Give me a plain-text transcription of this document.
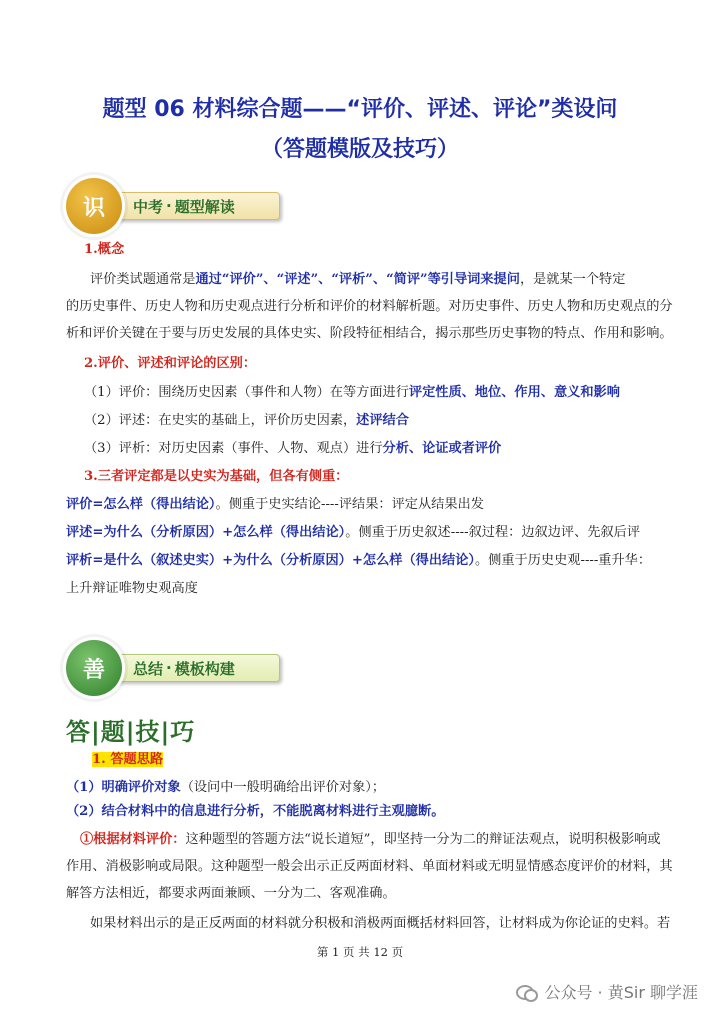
题型 06 材料综合题——“评价、评述、评论”类设问
（答题模版及技巧）
识	中考 · 题型解读
1.概念
评价类试题通常是通过“评价”、“评述”、“评析”、“简评”等引导词来提问，是就某一个特定
的历史事件、历史人物和历史观点进行分析和评价的材料解析题。对历史事件、历史人物和历史观点的分
析和评价关键在于要与历史发展的具体史实、阶段特征相结合，揭示那些历史事物的特点、作用和影响。
2.评价、评述和评论的区别：
（1）评价：围绕历史因素（事件和人物）在等方面进行评定性质、地位、作用、意义和影响
（2）评述：在史实的基础上，评价历史因素，述评结合
（3）评析：对历史因素（事件、人物、观点）进行分析、论证或者评价
3.三者评定都是以史实为基础，但各有侧重：
评价=怎么样（得出结论）。侧重于史实结论----评结果：评定从结果出发
评述=为什么（分析原因）+怎么样（得出结论）。侧重于历史叙述----叙过程：边叙边评、先叙后评
评析=是什么（叙述史实）+为什么（分析原因）+怎么样（得出结论）。侧重于历史史观----重升华：
上升辩证唯物史观高度
善	总结 · 模板构建
答|题|技|巧
1. 答题思路
（1）明确评价对象（设问中一般明确给出评价对象）；
（2）结合材料中的信息进行分析，不能脱离材料进行主观臆断。
①根据材料评价：这种题型的答题方法“说长道短”，即坚持一分为二的辩证法观点，说明积极影响或
作用、消极影响或局限。这种题型一般会出示正反两面材料、单面材料或无明显情感态度评价的材料，其
解答方法相近，都要求两面兼顾、一分为二、客观准确。
如果材料出示的是正反两面的材料就分积极和消极两面概括材料回答，让材料成为你论证的史料。若
第 1 页 共 12 页
公众号 · 黄Sir 聊学涯
